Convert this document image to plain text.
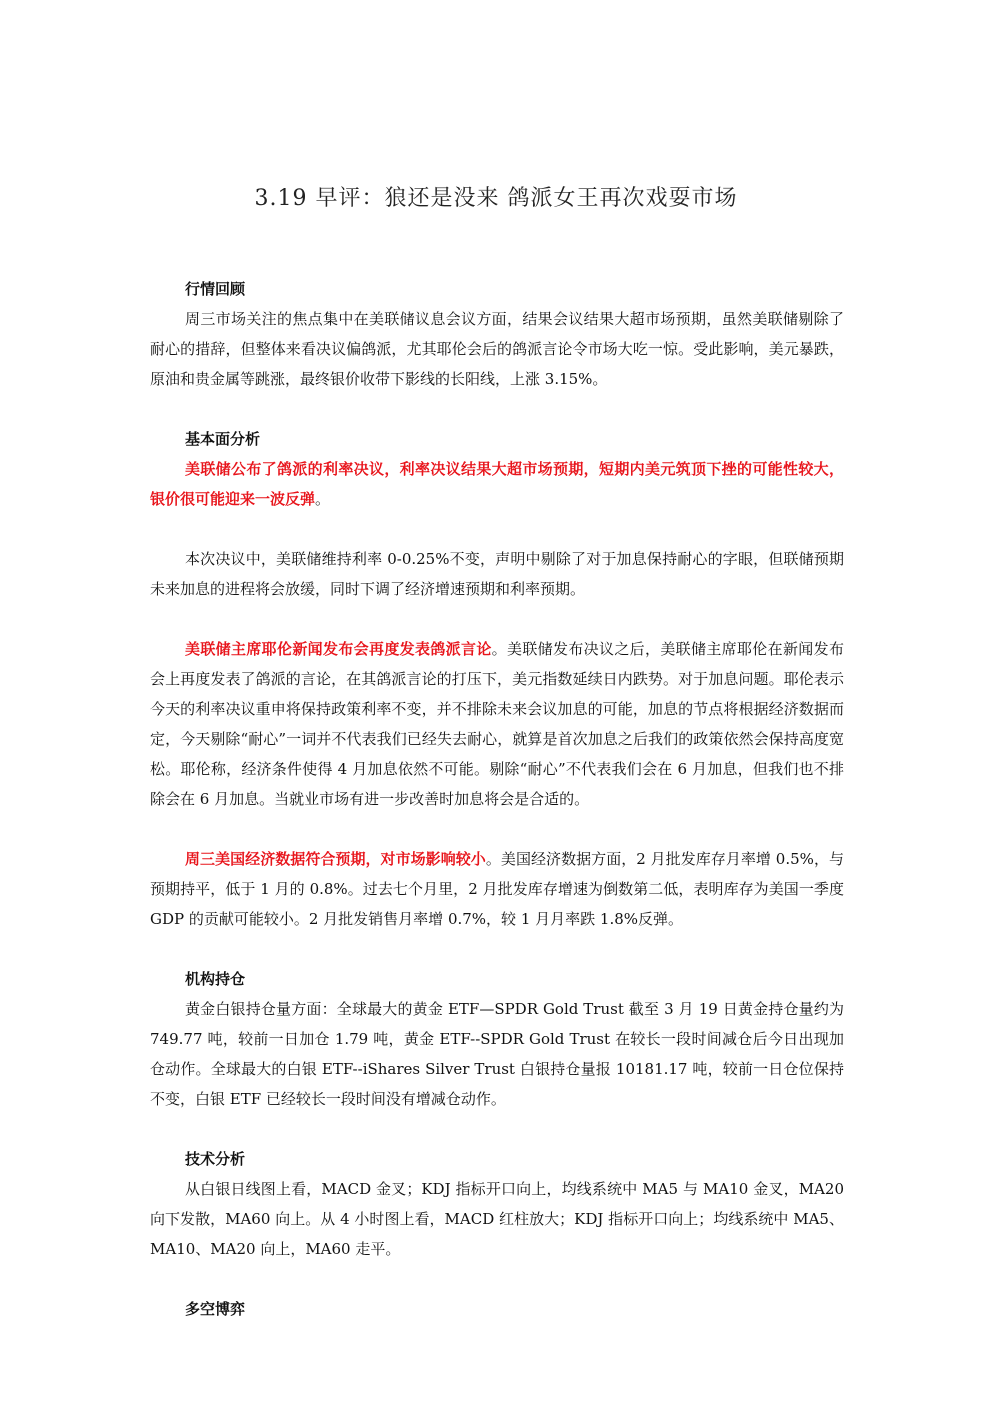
3.19 早评：狼还是没来 鸽派女王再次戏耍市场
行情回顾

周三市场关注的焦点集中在美联储议息会议方面，结果会议结果大超市场预期，虽然美联储剔除了耐心的措辞，但整体来看决议偏鸽派，尤其耶伦会后的鸽派言论令市场大吃一惊。受此影响，美元暴跌，原油和贵金属等跳涨，最终银价收带下影线的长阳线，上涨 3.15%。

基本面分析

美联储公布了鸽派的利率决议，利率决议结果大超市场预期，短期内美元筑顶下挫的可能性较大，银价很可能迎来一波反弹。

本次决议中，美联储维持利率 0-0.25%不变，声明中剔除了对于加息保持耐心的字眼，但联储预期未来加息的进程将会放缓，同时下调了经济增速预期和利率预期。

美联储主席耶伦新闻发布会再度发表鸽派言论。美联储发布决议之后，美联储主席耶伦在新闻发布会上再度发表了鸽派的言论，在其鸽派言论的打压下，美元指数延续日内跌势。对于加息问题。耶伦表示今天的利率决议重申将保持政策利率不变，并不排除未来会议加息的可能，加息的节点将根据经济数据而定，今天剔除“耐心”一词并不代表我们已经失去耐心，就算是首次加息之后我们的政策依然会保持高度宽松。耶伦称，经济条件使得 4 月加息依然不可能。剔除“耐心”不代表我们会在 6 月加息，但我们也不排除会在 6 月加息。当就业市场有进一步改善时加息将会是合适的。

周三美国经济数据符合预期，对市场影响较小。美国经济数据方面，2 月批发库存月率增 0.5%，与预期持平，低于 1 月的 0.8%。过去七个月里，2 月批发库存增速为倒数第二低，表明库存为美国一季度 GDP 的贡献可能较小。2 月批发销售月率增 0.7%，较 1 月月率跌 1.8%反弹。

机构持仓

黄金白银持仓量方面：全球最大的黄金 ETF—SPDR Gold Trust 截至 3 月 19 日黄金持仓量约为 749.77 吨，较前一日加仓 1.79 吨，黄金 ETF--SPDR Gold Trust 在较长一段时间减仓后今日出现加仓动作。全球最大的白银 ETF--iShares Silver Trust 白银持仓量报 10181.17 吨，较前一日仓位保持不变，白银 ETF 已经较长一段时间没有增减仓动作。

技术分析

从白银日线图上看，MACD 金叉；KDJ 指标开口向上，均线系统中 MA5 与 MA10 金叉，MA20 向下发散，MA60 向上。从 4 小时图上看，MACD 红柱放大；KDJ 指标开口向上；均线系统中 MA5、MA10、MA20 向上，MA60 走平。

多空博弈
